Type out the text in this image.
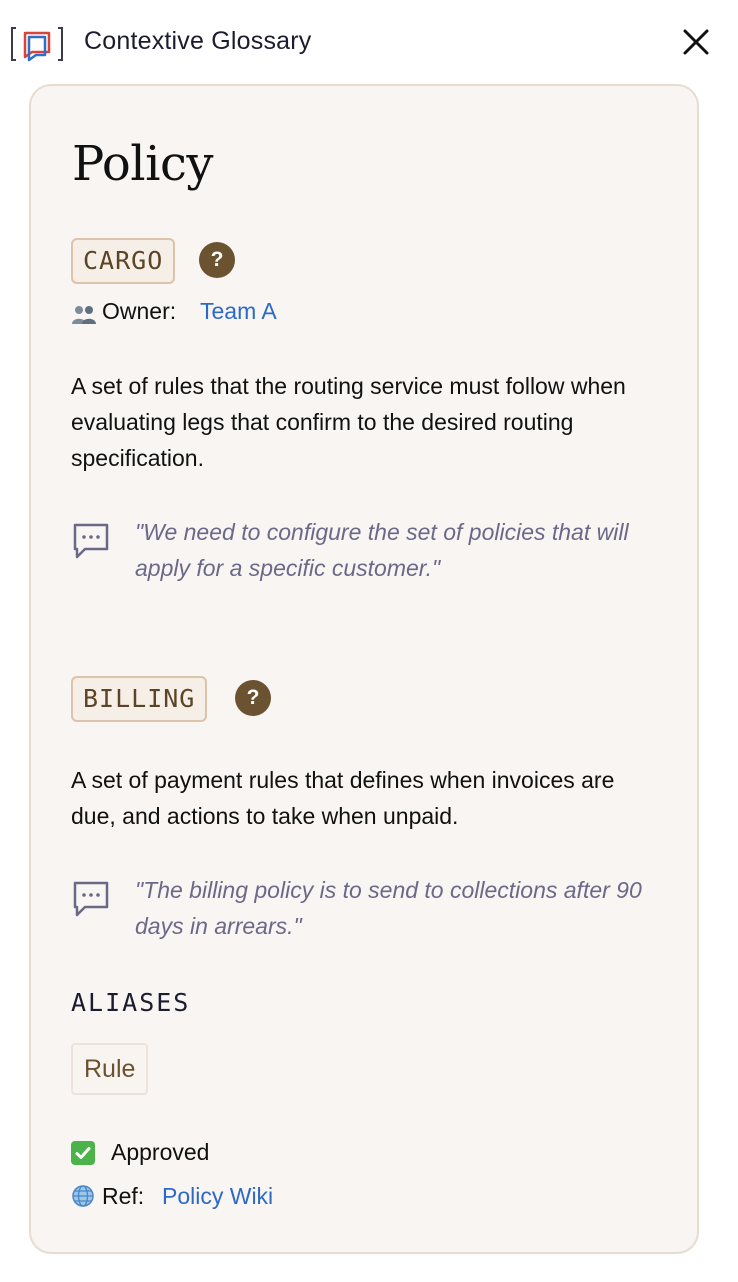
Contextive Glossary
Policy
CARGO	?
Owner: Team A

A set of rules that the routing service must follow when evaluating legs that confirm to the desired routing specification.

"We need to configure the set of policies that will apply for a specific customer."

BILLING	?

A set of payment rules that defines when invoices are due, and actions to take when unpaid.

"The billing policy is to send to collections after 90 days in arrears."

ALIASES
Rule
Approved
Ref: Policy Wiki
